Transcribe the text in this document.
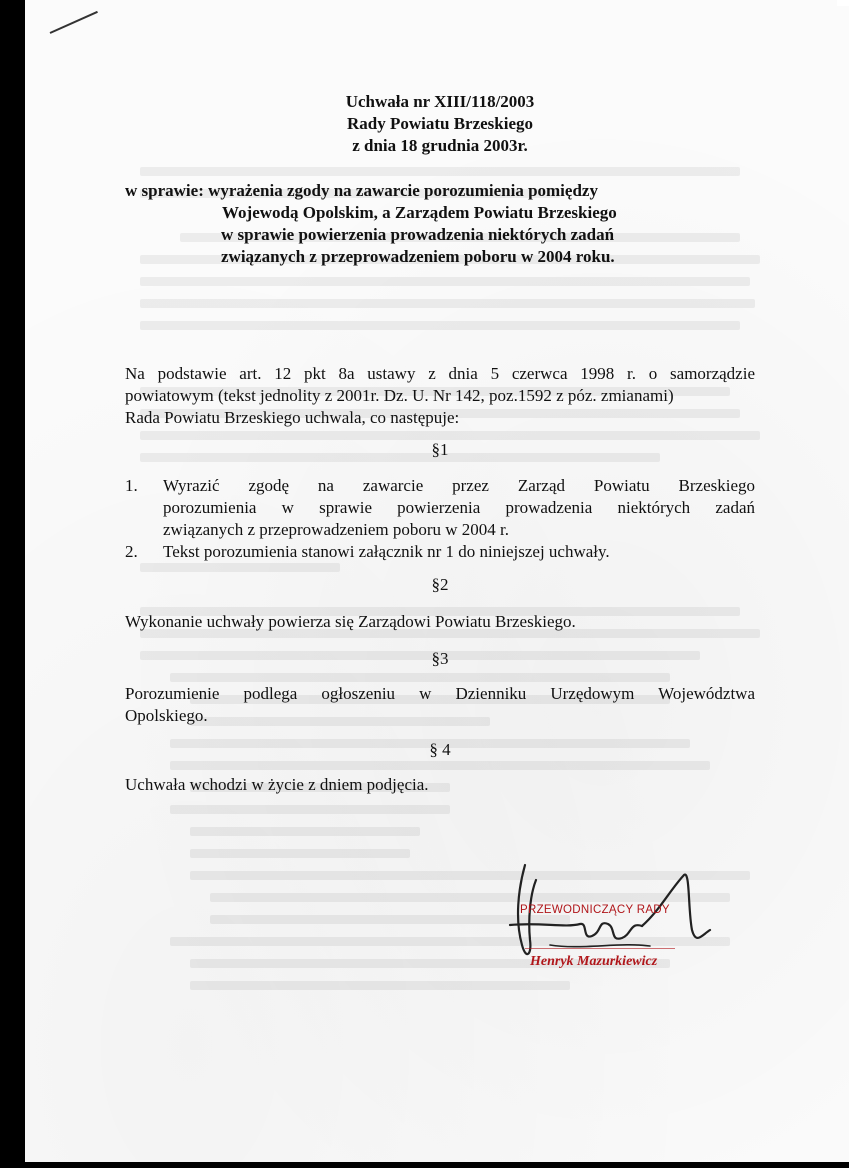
Uchwała nr XIII/118/2003
Rady Powiatu Brzeskiego
z dnia 18 grudnia 2003r.
w sprawie: wyrażenia zgody na zawarcie porozumienia pomiędzy
Wojewodą Opolskim, a Zarządem Powiatu Brzeskiego
w sprawie powierzenia prowadzenia niektórych zadań
związanych z przeprowadzeniem poboru w 2004 roku.
Na podstawie art. 12 pkt 8a ustawy z dnia 5 czerwca 1998 r. o samorządzie
powiatowym (tekst jednolity z 2001r. Dz. U. Nr 142, poz.1592 z póz. zmianami)
Rada Powiatu Brzeskiego uchwala, co następuje:
§1
1. Wyrazić zgodę na zawarcie przez Zarząd Powiatu Brzeskiego
porozumienia w sprawie powierzenia prowadzenia niektórych zadań
związanych z przeprowadzeniem poboru w 2004 r.
2. Tekst porozumienia stanowi załącznik nr 1 do niniejszej uchwały.
§2
Wykonanie uchwały powierza się Zarządowi Powiatu Brzeskiego.
§3
Porozumienie podlega ogłoszeniu w Dzienniku Urzędowym Województwa
Opolskiego.
§ 4
Uchwała wchodzi w życie z dniem podjęcia.
PRZEWODNICZĄCY RADY
Henryk Mazurkiewicz
